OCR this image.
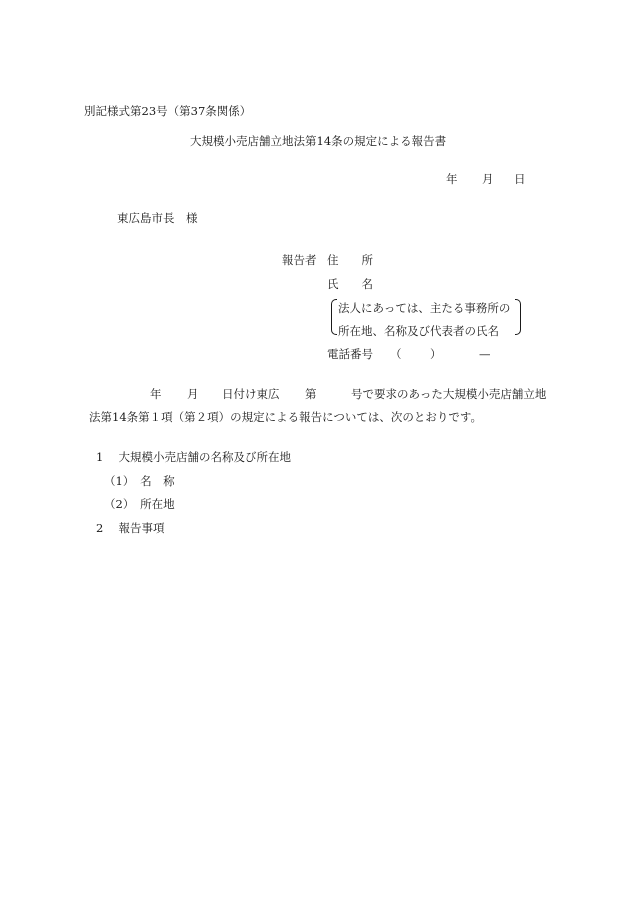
別記様式第23号（第37条関係）
大規模小売店舗立地法第14条の規定による報告書
年 月 日
東広島市長　様
報告者 住　　所
氏　　名
法人にあっては、主たる事務所の
所在地、名称及び代表者の氏名
電話番号 （ ）	—
年 月 日付け東広 第	号で要求のあった大規模小売店舗立地
法第14条第１項（第２項）の規定による報告については、次のとおりです。
1　 大規模小売店舗の名称及び所在地
（1）　名　称
（2）　所在地
2　 報告事項
